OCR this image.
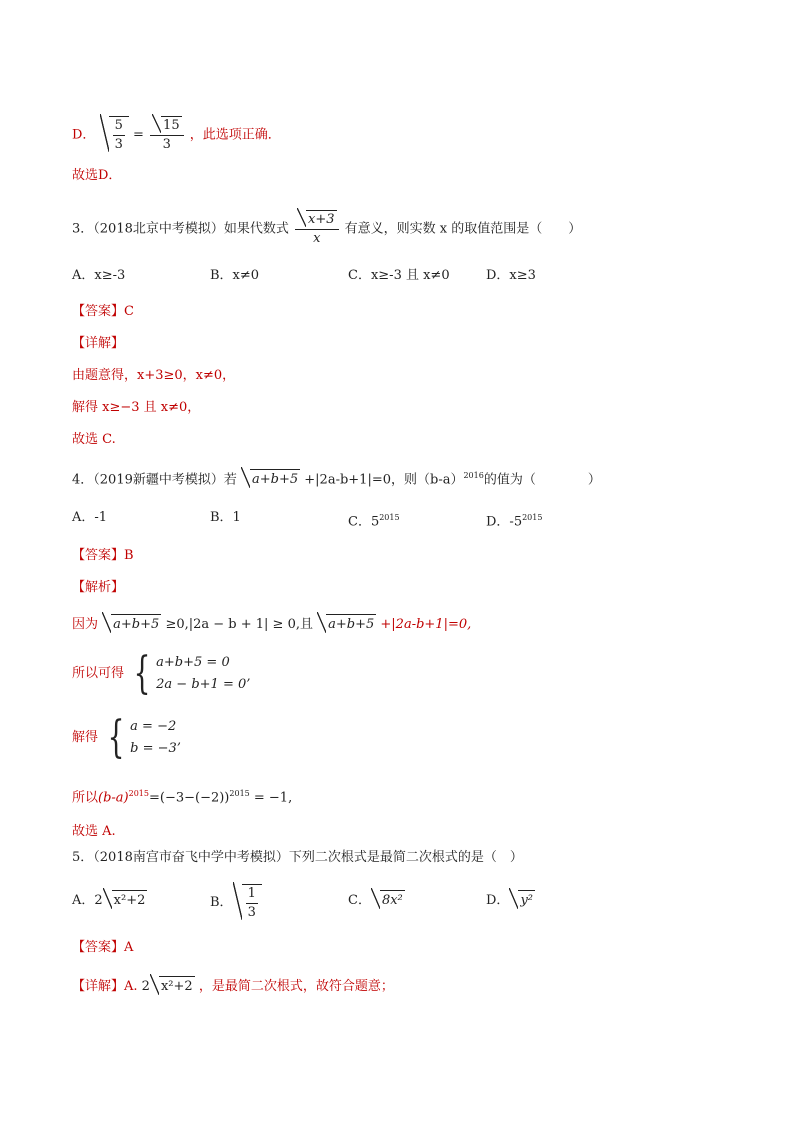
D． $\frac{5}{3} = \frac{15}{3}$ ，此选项正确．
故选D．
3．（2018北京中考模拟）如果代数式 $\frac{x+3}{x}$ 有意义，则实数 x 的取值范围是（　　）
A．x≥-3	B．x≠0	C．x≥-3 且 x≠0	D．x≥3
【答案】C
【详解】
由题意得，x+3≥0，x≠0，
解得 x≥−3 且 x≠0，
故选 C.
4．（2019新疆中考模拟）若 a+b+5 +|2a-b+1|=0，则$(b-a)^{2016}$的值为（　　　　）
A．-1	B．1	C．$5^{2015}$	D．$-5^{2015}$
【答案】B
【解析】
因为 a+b+5 ≥0,|2a − b + 1| ≥ 0,且 a+b+5 +|2a-b+1|=0,
所以可得 { a+b+5 = 0
2a − b+1 = 0’
解得 { a = −2
b = −3’
所以$(b-a)^{2015}=(-3-(-2))^{2015} = -1$,
故选 A.
5．（2018南宫市奋飞中学中考模拟）下列二次根式是最简二次根式的是（　）
A．2 x²+2	B． $\frac{1}{3}$	C． 8x²	D． y²
【答案】A
【详解】A. 2 x²+2 ，是最简二次根式，故符合题意；
